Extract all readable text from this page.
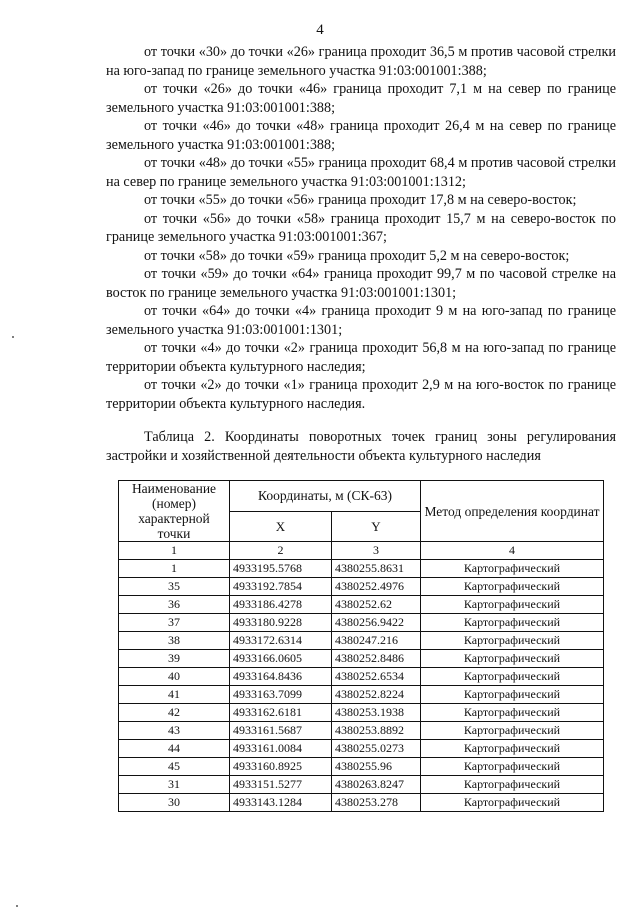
4

от точки «30» до точки «26» граница проходит 36,5 м против часовой стрелки на юго-запад по границе земельного участка 91:03:001001:388;

от точки «26» до точки «46» граница проходит 7,1 м на север по границе земельного участка 91:03:001001:388;

от точки «46» до точки «48» граница проходит 26,4 м на север по границе земельного участка 91:03:001001:388;

от точки «48» до точки «55» граница проходит 68,4 м против часовой стрелки на север по границе земельного участка 91:03:001001:1312;

от точки «55» до точки «56» граница проходит 17,8 м на северо-восток;

от точки «56» до точки «58» граница проходит 15,7 м на северо-восток по границе земельного участка 91:03:001001:367;

от точки «58» до точки «59» граница проходит 5,2 м на северо-восток;

от точки «59» до точки «64» граница проходит 99,7 м по часовой стрелке на восток по границе земельного участка 91:03:001001:1301;

от точки «64» до точки «4» граница проходит 9 м на юго-запад по границе земельного участка 91:03:001001:1301;

от точки «4» до точки «2» граница проходит 56,8 м на юго-запад по границе территории объекта культурного наследия;

от точки «2» до точки «1» граница проходит 2,9 м на юго-восток по границе территории объекта культурного наследия.

Таблица 2. Координаты поворотных точек границ зоны регулирования застройки и хозяйственной деятельности объекта культурного наследия

Наименование (номер) характерной точки	Координаты, м (СК-63)		Метод определения координат
	X	Y	
1	2	3	4
1	4933195.5768	4380255.8631	Картографический
35	4933192.7854	4380252.4976	Картографический
36	4933186.4278	4380252.62	Картографический
37	4933180.9228	4380256.9422	Картографический
38	4933172.6314	4380247.216	Картографический
39	4933166.0605	4380252.8486	Картографический
40	4933164.8436	4380252.6534	Картографический
41	4933163.7099	4380252.8224	Картографический
42	4933162.6181	4380253.1938	Картографический
43	4933161.5687	4380253.8892	Картографический
44	4933161.0084	4380255.0273	Картографический
45	4933160.8925	4380255.96	Картографический
31	4933151.5277	4380263.8247	Картографический
30	4933143.1284	4380253.278	Картографический
